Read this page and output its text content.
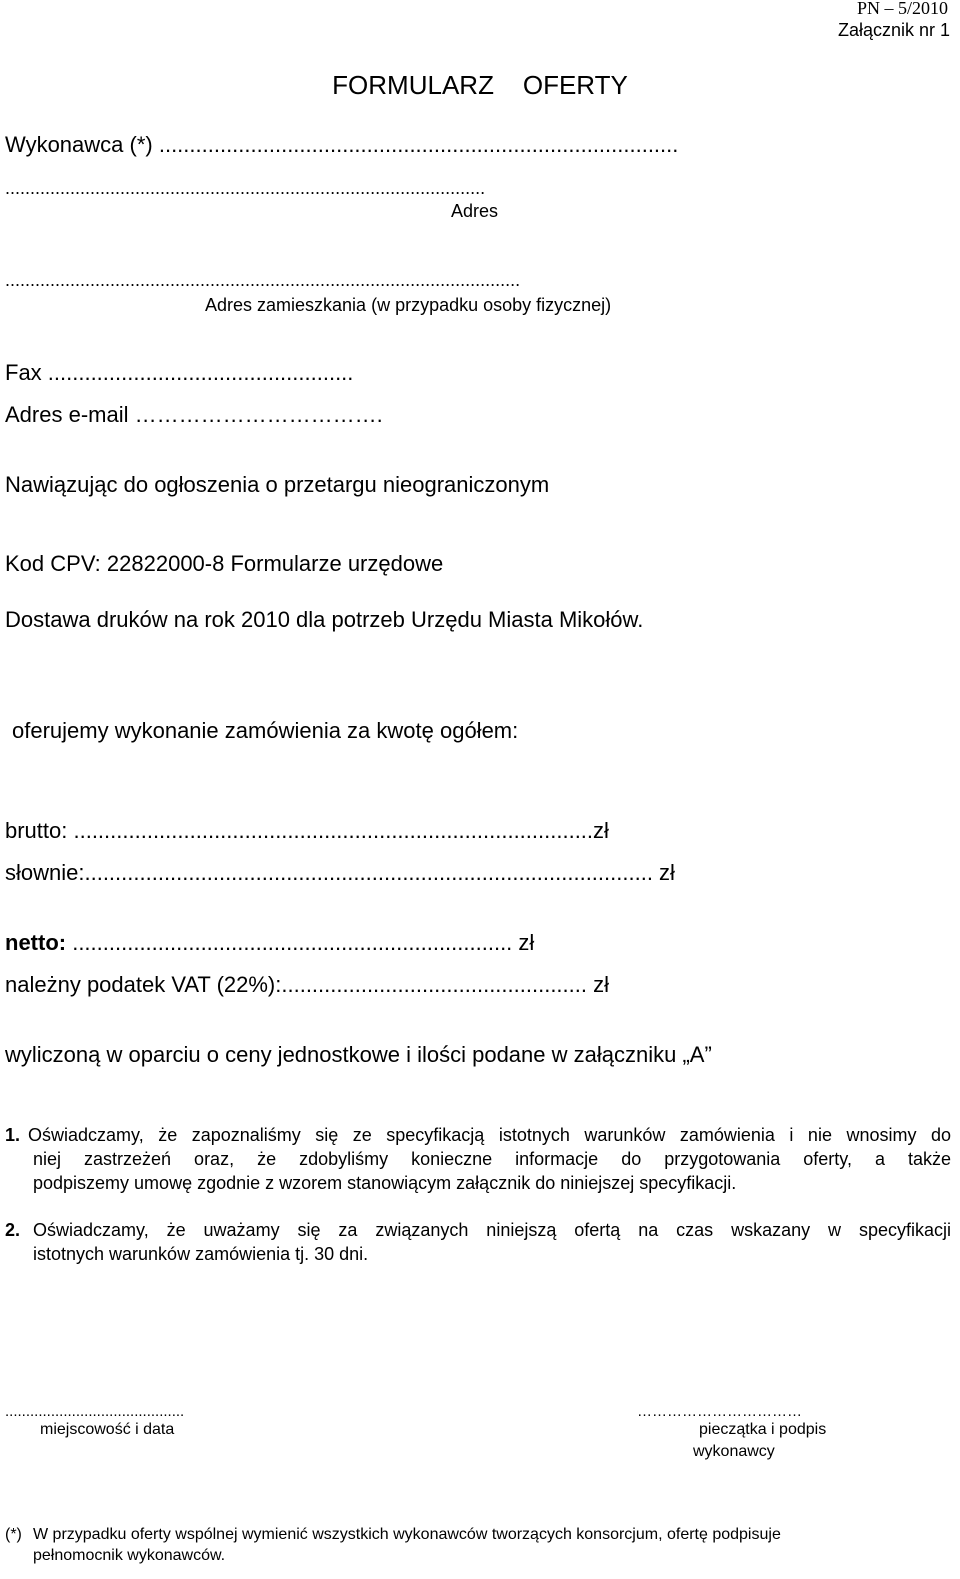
PN – 5/2010
Załącznik nr 1
FORMULARZ    OFERTY
Wykonawca (*) .....................................................................................
................................................................................................
Adres
.......................................................................................................
Adres zamieszkania (w przypadku osoby fizycznej)
Fax ..................................................
Adres e-mail …………………………….
Nawiązując do ogłoszenia o przetargu nieograniczonym
Kod CPV: 22822000-8 Formularze urzędowe
Dostawa druków na rok 2010 dla potrzeb Urzędu Miasta Mikołów.
oferujemy wykonanie zamówienia za kwotę ogółem:
brutto: .....................................................................................zł
słownie:............................................................................................. zł
netto: ........................................................................ zł
należny podatek VAT (22%):.................................................. zł
wyliczoną w oparciu o ceny jednostkowe i ilości podane w załączniku „A”
1. Oświadczamy, że zapoznaliśmy się ze specyfikacją istotnych warunków zamówienia i nie wnosimy do
niej zastrzeżeń oraz, że zdobyliśmy konieczne informacje do przygotowania oferty, a także
podpiszemy umowę zgodnie z wzorem stanowiącym załącznik do niniejszej specyfikacji.
2. Oświadczamy, że uważamy się za związanych niniejszą ofertą na czas wskazany w specyfikacji
istotnych warunków zamówienia tj. 30 dni.
...........................................
miejscowość i data
……………………………
pieczątka i podpis
wykonawcy
(*) W przypadku oferty wspólnej wymienić wszystkich wykonawców tworzących konsorcjum, ofertę podpisuje
pełnomocnik wykonawców.
